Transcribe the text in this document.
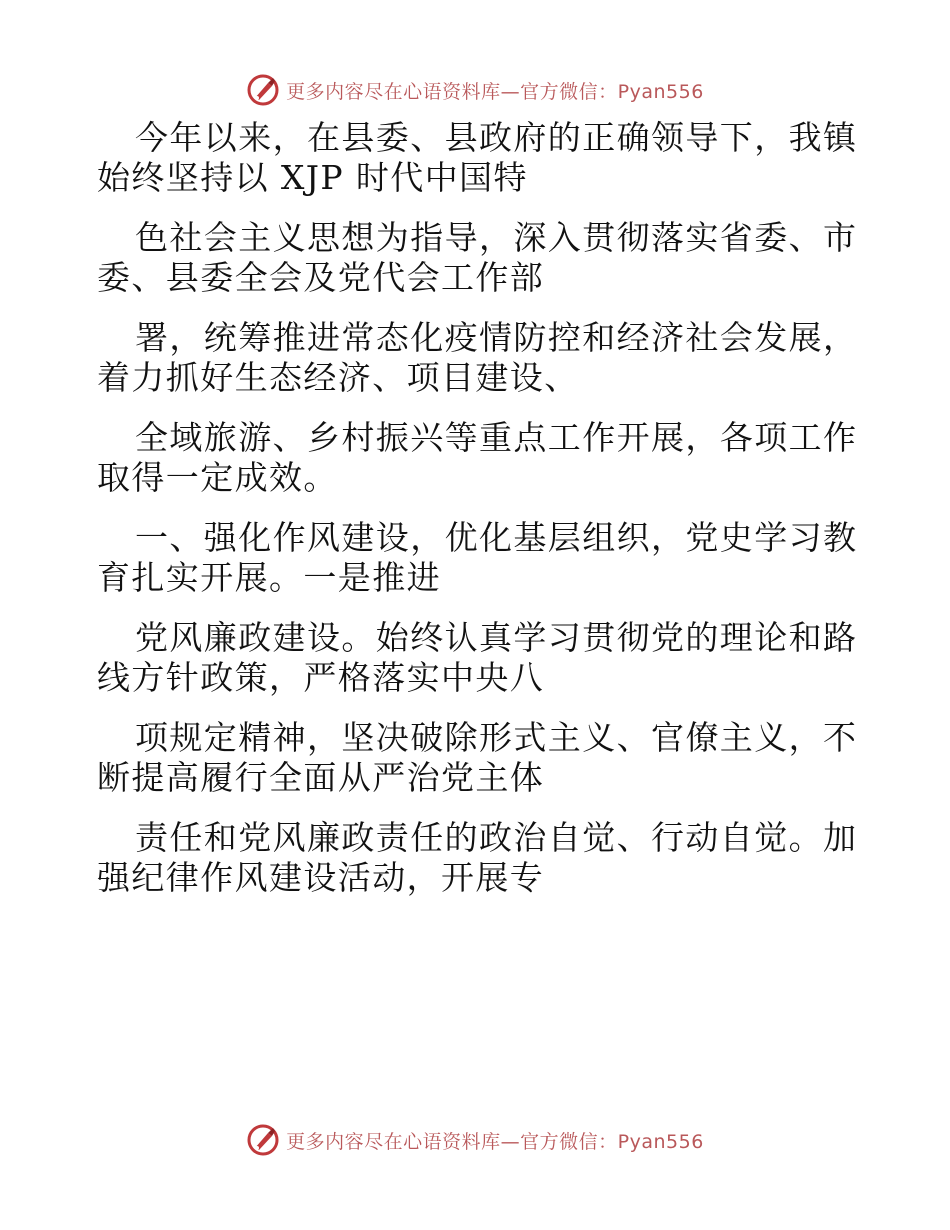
更多内容尽在心语资料库—官方微信：Pyan556

今年以来，在县委、县政府的正确领导下，我镇

始终坚持以 XJP 时代中国特

色社会主义思想为指导，深入贯彻落实省委、市

委、县委全会及党代会工作部

署，统筹推进常态化疫情防控和经济社会发展，

着力抓好生态经济、项目建设、

全域旅游、乡村振兴等重点工作开展，各项工作

取得一定成效。

一、强化作风建设，优化基层组织，党史学习教

育扎实开展。一是推进

党风廉政建设。始终认真学习贯彻党的理论和路

线方针政策，严格落实中央八

项规定精神，坚决破除形式主义、官僚主义，不

断提高履行全面从严治党主体

责任和党风廉政责任的政治自觉、行动自觉。加

强纪律作风建设活动，开展专

更多内容尽在心语资料库—官方微信：Pyan556
